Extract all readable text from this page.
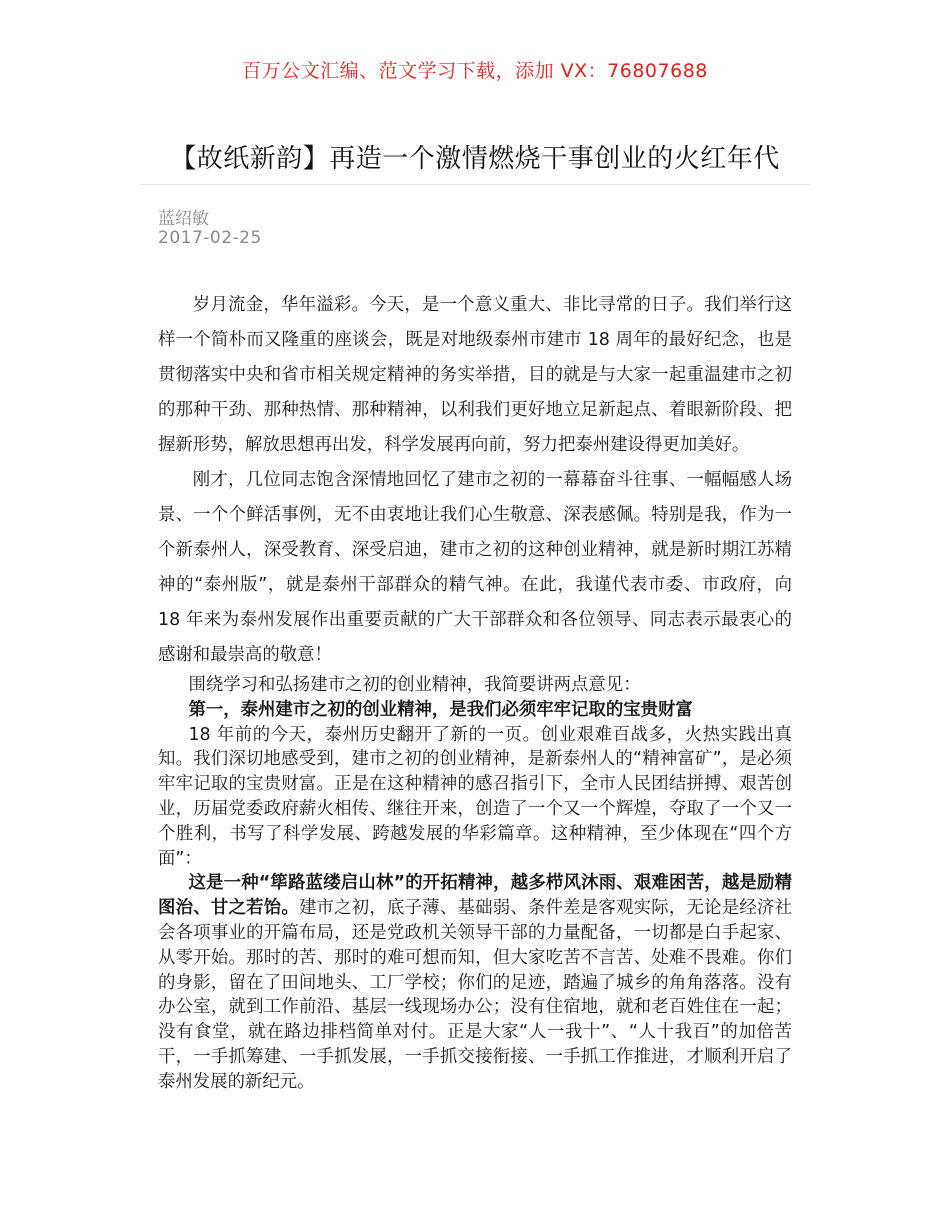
百万公文汇编、范文学习下载，添加 VX：76807688
【故纸新韵】再造一个激情燃烧干事创业的火红年代
蓝绍敏
2017-02-25

岁月流金，华年溢彩。今天，是一个意义重大、非比寻常的日子。我们举行这样一个简朴而又隆重的座谈会，既是对地级泰州市建市 18 周年的最好纪念，也是贯彻落实中央和省市相关规定精神的务实举措，目的就是与大家一起重温建市之初的那种干劲、那种热情、那种精神，以利我们更好地立足新起点、着眼新阶段、把握新形势，解放思想再出发，科学发展再向前，努力把泰州建设得更加美好。

刚才，几位同志饱含深情地回忆了建市之初的一幕幕奋斗往事、一幅幅感人场景、一个个鲜活事例，无不由衷地让我们心生敬意、深表感佩。特别是我，作为一个新泰州人，深受教育、深受启迪，建市之初的这种创业精神，就是新时期江苏精神的“泰州版”，就是泰州干部群众的精气神。在此，我谨代表市委、市政府，向 18 年来为泰州发展作出重要贡献的广大干部群众和各位领导、同志表示最衷心的感谢和最崇高的敬意！

围绕学习和弘扬建市之初的创业精神，我简要讲两点意见：

第一，泰州建市之初的创业精神，是我们必须牢牢记取的宝贵财富

18 年前的今天，泰州历史翻开了新的一页。创业艰难百战多，火热实践出真知。我们深切地感受到，建市之初的创业精神，是新泰州人的“精神富矿”，是必须牢牢记取的宝贵财富。正是在这种精神的感召指引下，全市人民团结拼搏、艰苦创业，历届党委政府薪火相传、继往开来，创造了一个又一个辉煌，夺取了一个又一个胜利，书写了科学发展、跨越发展的华彩篇章。这种精神，至少体现在“四个方面”：

这是一种“筚路蓝缕启山林”的开拓精神，越多栉风沐雨、艰难困苦，越是励精图治、甘之若饴。建市之初，底子薄、基础弱、条件差是客观实际，无论是经济社会各项事业的开篇布局，还是党政机关领导干部的力量配备，一切都是白手起家、从零开始。那时的苦、那时的难可想而知，但大家吃苦不言苦、处难不畏难。你们的身影，留在了田间地头、工厂学校；你们的足迹，踏遍了城乡的角角落落。没有办公室，就到工作前沿、基层一线现场办公；没有住宿地，就和老百姓住在一起；没有食堂，就在路边排档简单对付。正是大家“人一我十”、“人十我百”的加倍苦干，一手抓筹建、一手抓发展，一手抓交接衔接、一手抓工作推进，才顺利开启了泰州发展的新纪元。
